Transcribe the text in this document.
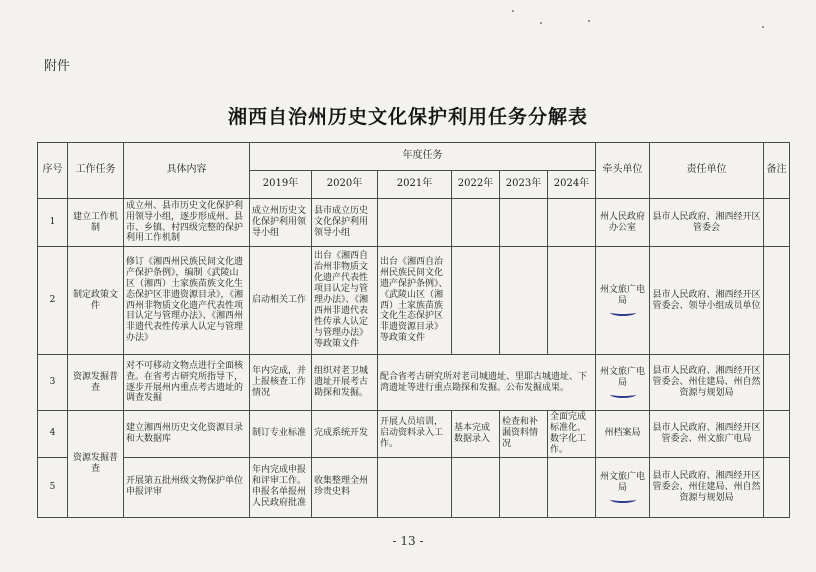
附件
湘西自治州历史文化保护利用任务分解表
序号	工作任务	具体内容	年度任务						牵头单位	责任单位	备注
			2019年	2020年	2021年	2022年	2023年	2024年			
1	建立工作机制	成立州、县市历史文化保护利用领导小组，逐步形成州、县市、乡镇、村四级完整的保护利用工作机制	成立州历史文化保护利用领导小组	县市成立历史文化保护利用领导小组					州人民政府办公室	县市人民政府、湘西经开区管委会	
2	制定政策文件	修订《湘西州民族民间文化遗产保护条例》，编制《武陵山区（湘西）土家族苗族文化生态保护区非遗资源目录》，《湘西州非物质文化遗产代表性项目认定与管理办法》、《湘西州非遗代表性传承人认定与管理办法》	启动相关工作	出台《湘西自治州非物质文化遗产代表性项目认定与管理办法》、《湘西州非遗代表性传承人认定与管理办法》等政策文件	出台《湘西自治州民族民间文化遗产保护条例》、《武陵山区（湘西）土家族苗族文化生态保护区非遗资源目录》等政策文件				州文旅广电局	县市人民政府、湘西经开区管委会、领导小组成员单位	
3	资源发掘普查	对不可移动文物点进行全面核查。在省考古研究所指导下，逐步开展州内重点考古遗址的调查发掘	年内完成，并上报核查工作情况	组织对老卫城遗址开展考古勘探和发掘。	配合省考古研究所对老司城遗址、里耶古城遗址、下湾遗址等进行重点勘探和发掘。公布发掘成果。				州文旅广电局	县市人民政府、湘西经开区管委会、州住建局、州自然资源与规划局	
4	资源发掘普查	建立湘西州历史文化资源目录和大数据库	制订专业标准	完成系统开发	开展人员培训，启动资料录入工作。	基本完成数据录入	检查和补漏资料情况	全面完成标准化、数字化工作。	州档案局	县市人民政府、湘西经开区管委会、州文旅广电局	
5		开展第五批州级文物保护单位申报评审	年内完成申报和评审工作。申报名单报州人民政府批准	收集整理全州珍贵史料					州文旅广电局	县市人民政府、湘西经开区管委会、州住建局、州自然资源与规划局	
- 13 -
